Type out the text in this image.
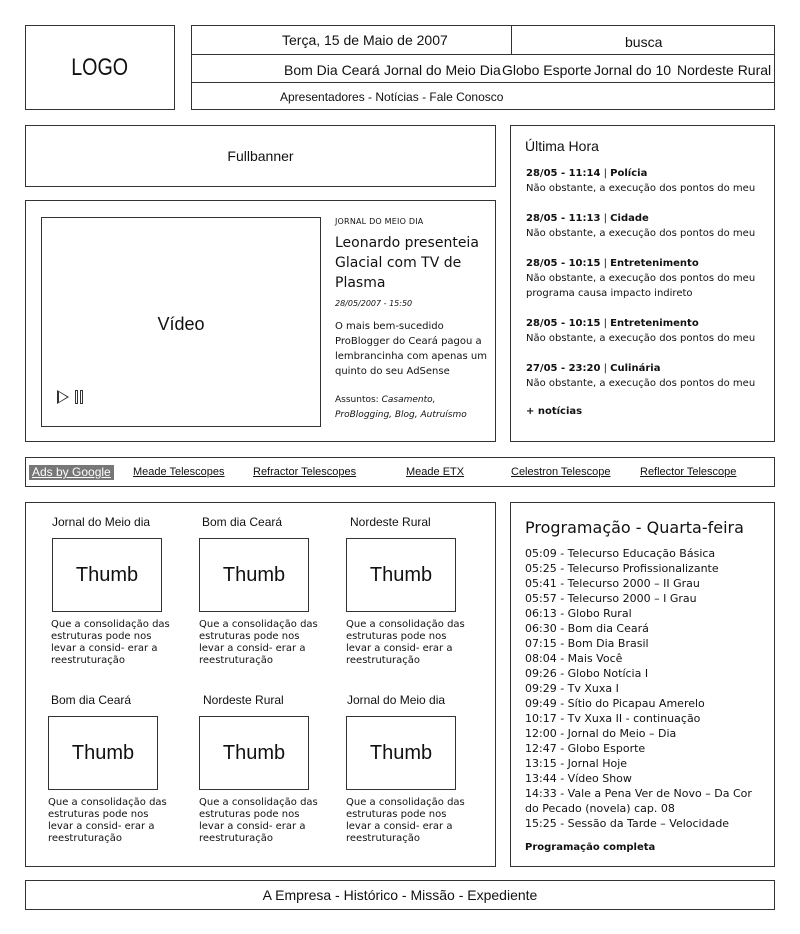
LOGO
Terça, 15 de Maio de 2007	busca
Bom Dia Ceará Jornal do Meio Dia Globo Esporte Jornal do 10 Nordeste Rural
Apresentadores - Notícias - Fale Conosco
Fullbanner
Vídeo
JORNAL DO MEIO DIA
Leonardo presenteia Glacial com TV de Plasma
28/05/2007 - 15:50
O mais bem-sucedido ProBlogger do Ceará pagou a lembrancinha com apenas um quinto do seu AdSense
Assuntos: Casamento, ProBlogging, Blog, Autruísmo
Última Hora
28/05 - 11:14 | Polícia
Não obstante, a execução dos pontos do meu
28/05 - 11:13 | Cidade
Não obstante, a execução dos pontos do meu
28/05 - 10:15 | Entretenimento
Não obstante, a execução dos pontos do meu programa causa impacto indireto
28/05 - 10:15 | Entretenimento
Não obstante, a execução dos pontos do meu
27/05 - 23:20 | Culinária
Não obstante, a execução dos pontos do meu
+ notícias
Ads by Google Meade Telescopes	Refractor Telescopes	Meade ETX	Celestron Telescope	Reflector Telescope
Jornal do Meio dia
Thumb
Que a consolidação das estruturas pode nos levar a consid- erar a reestruturação
Bom dia Ceará
Thumb
Que a consolidação das estruturas pode nos levar a consid- erar a reestruturação
Nordeste Rural
Thumb
Que a consolidação das estruturas pode nos levar a consid- erar a reestruturação
Bom dia Ceará
Thumb
Que a consolidação das estruturas pode nos levar a consid- erar a reestruturação
Nordeste Rural
Thumb
Que a consolidação das estruturas pode nos levar a consid- erar a reestruturação
Jornal do Meio dia
Thumb
Que a consolidação das estruturas pode nos levar a consid- erar a reestruturação
Programação - Quarta-feira
05:09 - Telecurso Educação Básica
05:25 - Telecurso Profissionalizante
05:41 - Telecurso 2000 – II Grau
05:57 - Telecurso 2000 – I Grau
06:13 - Globo Rural
06:30 - Bom dia Ceará
07:15 - Bom Dia Brasil
08:04 - Mais Você
09:26 - Globo Notícia I
09:29 - Tv Xuxa I
09:49 - Sítio do Picapau Amerelo
10:17 - Tv Xuxa II - continuação
12:00 - Jornal do Meio – Dia
12:47 - Globo Esporte
13:15 - Jornal Hoje
13:44 - Vídeo Show
14:33 - Vale a Pena Ver de Novo – Da Cor do Pecado (novela) cap. 08
15:25 - Sessão da Tarde – Velocidade
Programação completa
A Empresa - Histórico - Missão - Expediente
